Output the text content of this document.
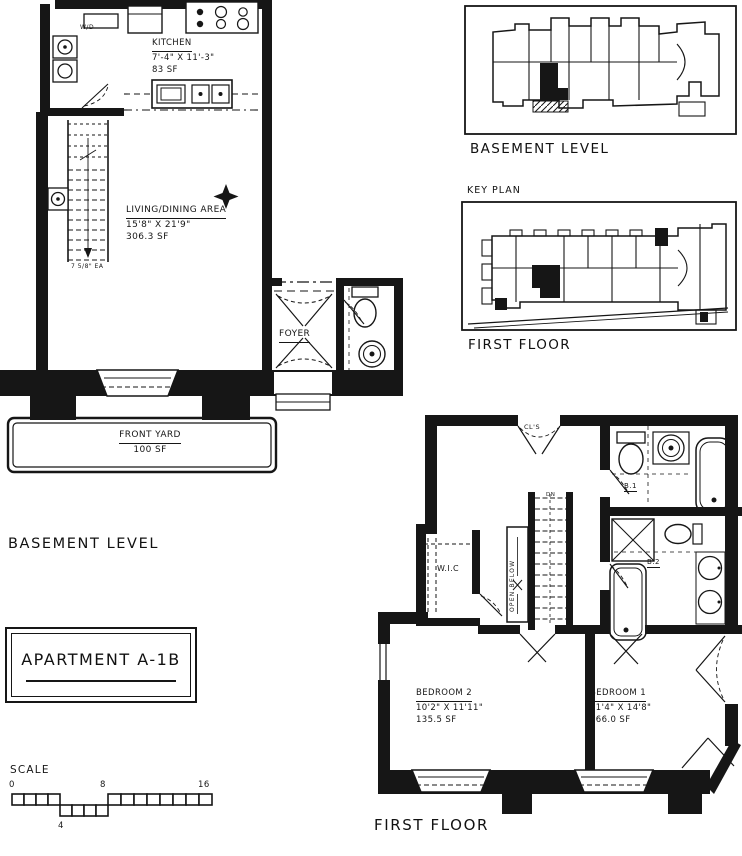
KITCHEN
7'-4" X 11'-3"
83 SF
LIVING/DINING AREA
15'8" X 21'9"
306.3 SF
FOYER
FRONT YARD
100 SF
W/D
7 5/8" EA
BASEMENT LEVEL
BASEMENT LEVEL
KEY PLAN
FIRST FLOOR
CL'S
DN
OPEN BELOW
W.I.C
B.1
B.2
BEDROOM 2
10'2" X 11'11"
135.5 SF
BEDROOM 1
11'4" X 14'8"
166.0 SF
FIRST FLOOR
APARTMENT A-1B
SCALE
0	8	16
4
